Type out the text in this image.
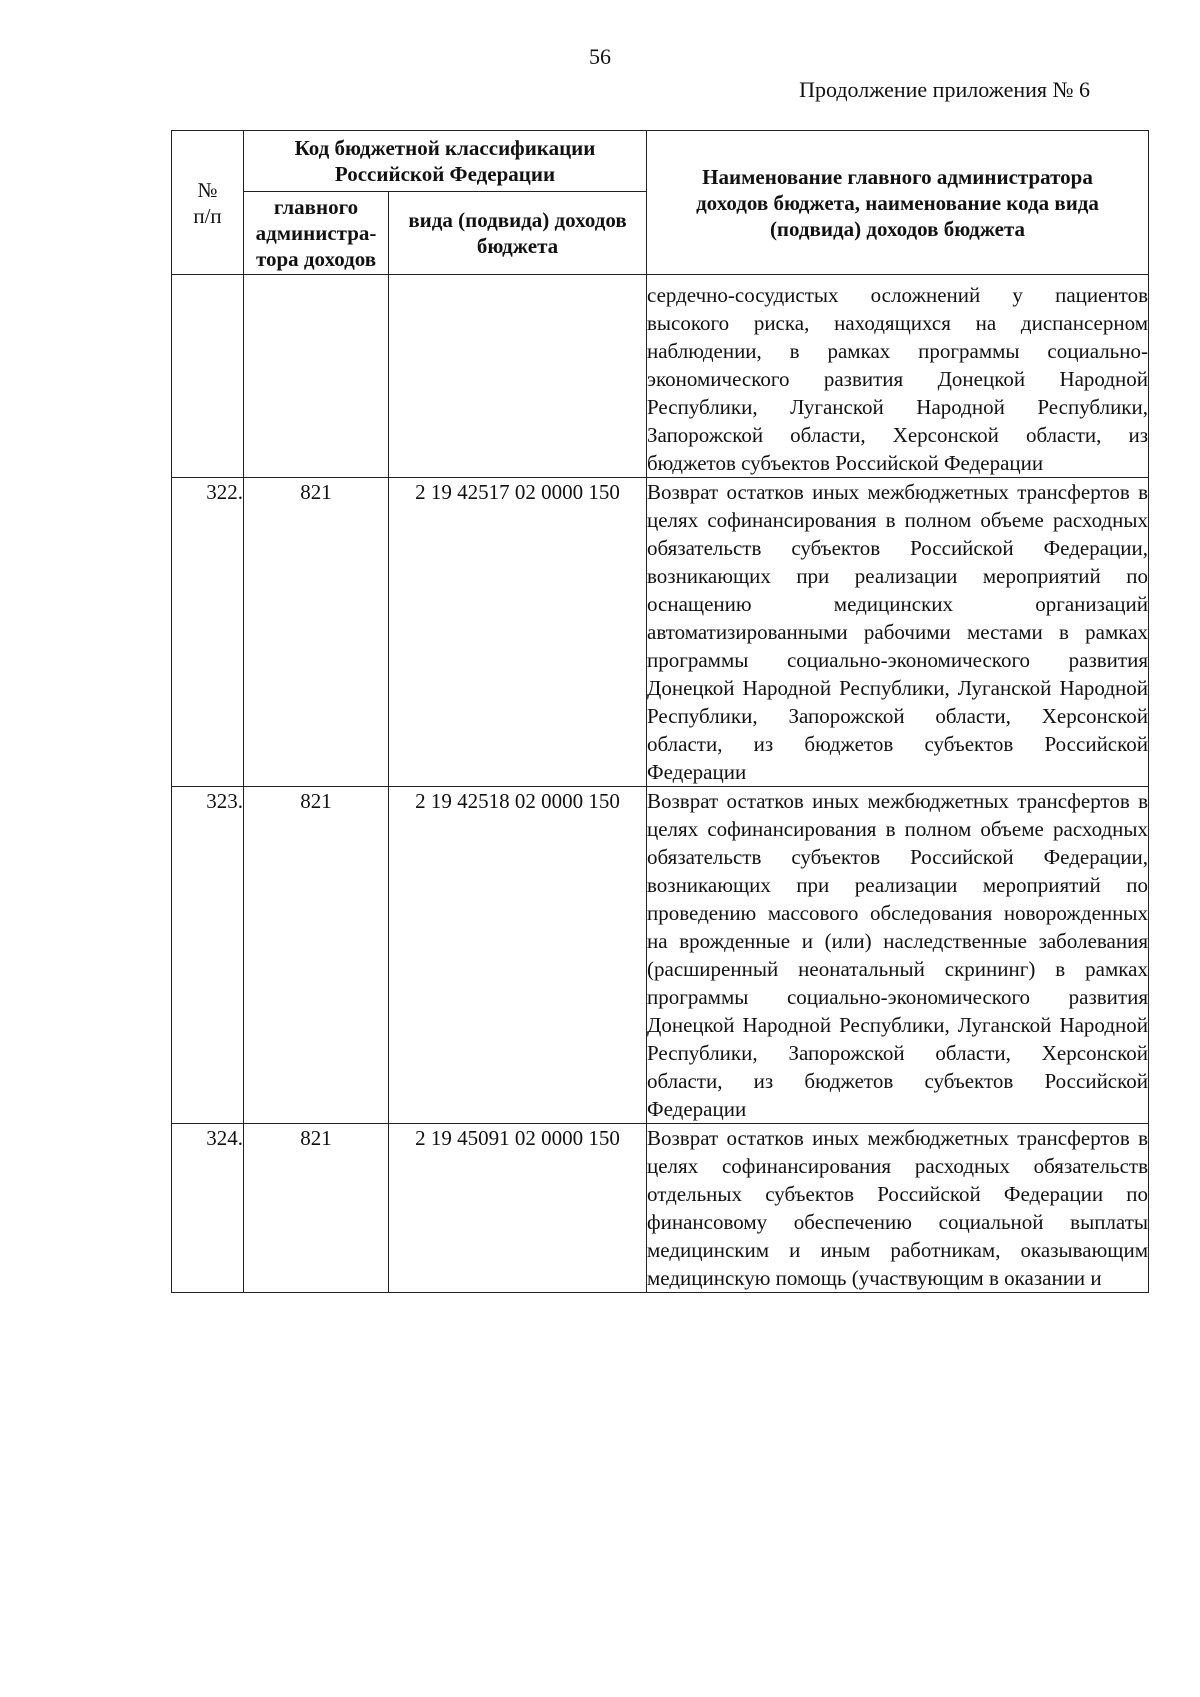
56
Продолжение приложения № 6
№
п/п	Код бюджетной классификации Российской Федерации		Наименование главного администратора доходов бюджета, наименование кода вида (подвида) доходов бюджета
	главного администра-тора доходов	вида (подвида) доходов бюджета	
			сердечно-сосудистых осложнений у пациентов высокого риска, находящихся на диспансерном наблюдении, в рамках программы социально-экономического развития Донецкой Народной Республики, Луганской Народной Республики, Запорожской области, Херсонской области, из бюджетов субъектов Российской Федерации
322.	821	2 19 42517 02 0000 150	Возврат остатков иных межбюджетных трансфертов в целях софинансирования в полном объеме расходных обязательств субъектов Российской Федерации, возникающих при реализации мероприятий по оснащению медицинских организаций автоматизированными рабочими местами в рамках программы социально-экономического развития Донецкой Народной Республики, Луганской Народной Республики, Запорожской области, Херсонской области, из бюджетов субъектов Российской Федерации
323.	821	2 19 42518 02 0000 150	Возврат остатков иных межбюджетных трансфертов в целях софинансирования в полном объеме расходных обязательств субъектов Российской Федерации, возникающих при реализации мероприятий по проведению массового обследования новорожденных на врожденные и (или) наследственные заболевания (расширенный неонатальный скрининг) в рамках программы социально-экономического развития Донецкой Народной Республики, Луганской Народной Республики, Запорожской области, Херсонской области, из бюджетов субъектов Российской Федерации
324.	821	2 19 45091 02 0000 150	Возврат остатков иных межбюджетных трансфертов в целях софинансирования расходных обязательств отдельных субъектов Российской Федерации по финансовому обеспечению социальной выплаты медицинским и иным работникам, оказывающим медицинскую помощь (участвующим в оказании и
